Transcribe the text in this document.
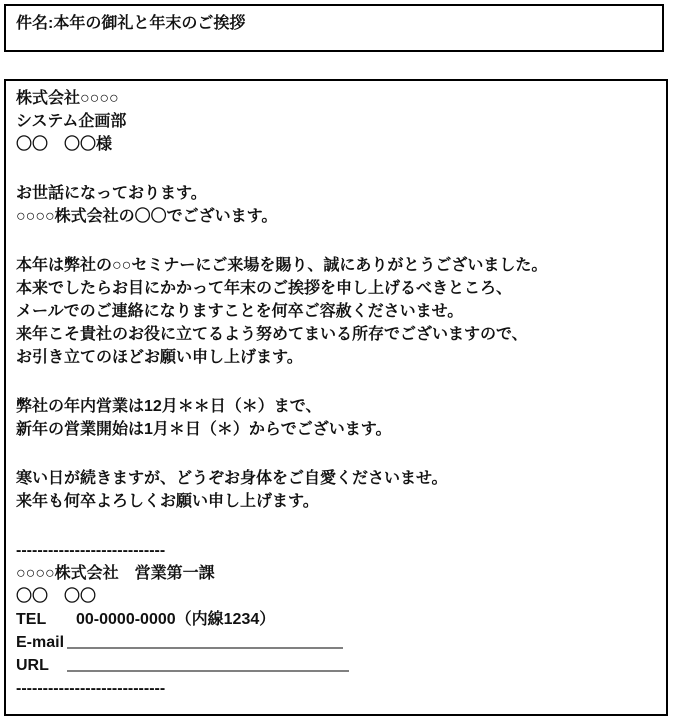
件名:本年の御礼と年末のご挨拶
株式会社○○○○
システム企画部
〇〇　〇〇様
お世話になっております。
○○○○株式会社の〇〇でございます。
本年は弊社の○○セミナーにご来場を賜り、誠にありがとうございました。
本来でしたらお目にかかって年末のご挨拶を申し上げるべきところ、
メールでのご連絡になりますことを何卒ご容赦くださいませ。
来年こそ貴社のお役に立てるよう努めてまいる所存でございますので、
お引き立てのほどお願い申し上げます。
弊社の年内営業は12月＊＊日（＊）まで、
新年の営業開始は1月＊日（＊）からでございます。
寒い日が続きますが、どうぞお身体をご自愛くださいませ。
来年も何卒よろしくお願い申し上げます。
----------------------------
○○○○株式会社　営業第一課
〇〇　〇〇
TEL 00-0000-0000（内線1234）
E-mail
URL
----------------------------
